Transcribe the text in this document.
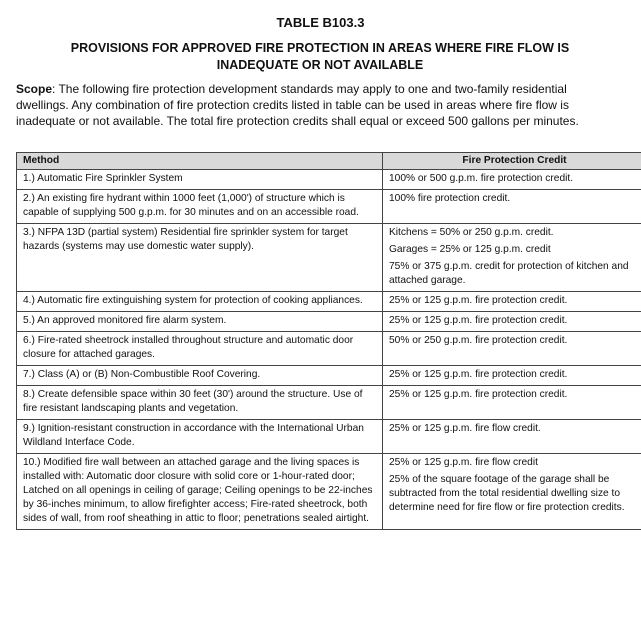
TABLE B103.3
PROVISIONS FOR APPROVED FIRE PROTECTION IN AREAS WHERE FIRE FLOW IS
INADEQUATE OR NOT AVAILABLE
Scope: The following fire protection development standards may apply to one and two-family residential dwellings. Any combination of fire protection credits listed in table can be used in areas where fire flow is inadequate or not available. The total fire protection credits shall equal or exceed 500 gallons per minutes.
Method	Fire Protection Credit
1.) Automatic Fire Sprinkler System	100% or 500 g.p.m. fire protection credit.

2.) An existing fire hydrant within 1000 feet (1,000') of structure which is capable of supplying 500 g.p.m. for 30 minutes and on an accessible road.	100% fire protection credit.

3.) NFPA 13D (partial system) Residential fire sprinkler system for target hazards (systems may use domestic water supply).	Kitchens = 50% or 250 g.p.m. credit.
Garages = 25% or 125 g.p.m. credit
75% or 375 g.p.m. credit for protection of kitchen and attached garage.

4.) Automatic fire extinguishing system for protection of cooking appliances.	25% or 125 g.p.m. fire protection credit.

5.) An approved monitored fire alarm system.	25% or 125 g.p.m. fire protection credit.

6.) Fire-rated sheetrock installed throughout structure and automatic door closure for attached garages.	50% or 250 g.p.m. fire protection credit.

7.) Class (A) or (B) Non-Combustible Roof Covering.	25% or 125 g.p.m. fire protection credit.

8.) Create defensible space within 30 feet (30') around the structure. Use of fire resistant landscaping plants and vegetation.	25% or 125 g.p.m. fire protection credit.

9.) Ignition-resistant construction in accordance with the International Urban Wildland Interface Code.	25% or 125 g.p.m. fire flow credit.

10.) Modified fire wall between an attached garage and the living spaces is installed with: Automatic door closure with solid core or 1-hour-rated door; Latched on all openings in ceiling of garage; Ceiling openings to be 22-inches by 36-inches minimum, to allow firefighter access; Fire-rated sheetrock, both sides of wall, from roof sheathing in attic to floor; penetrations sealed airtight.	25% or 125 g.p.m. fire flow credit
25% of the square footage of the garage shall be subtracted from the total residential dwelling size to determine need for fire flow or fire protection credits.
